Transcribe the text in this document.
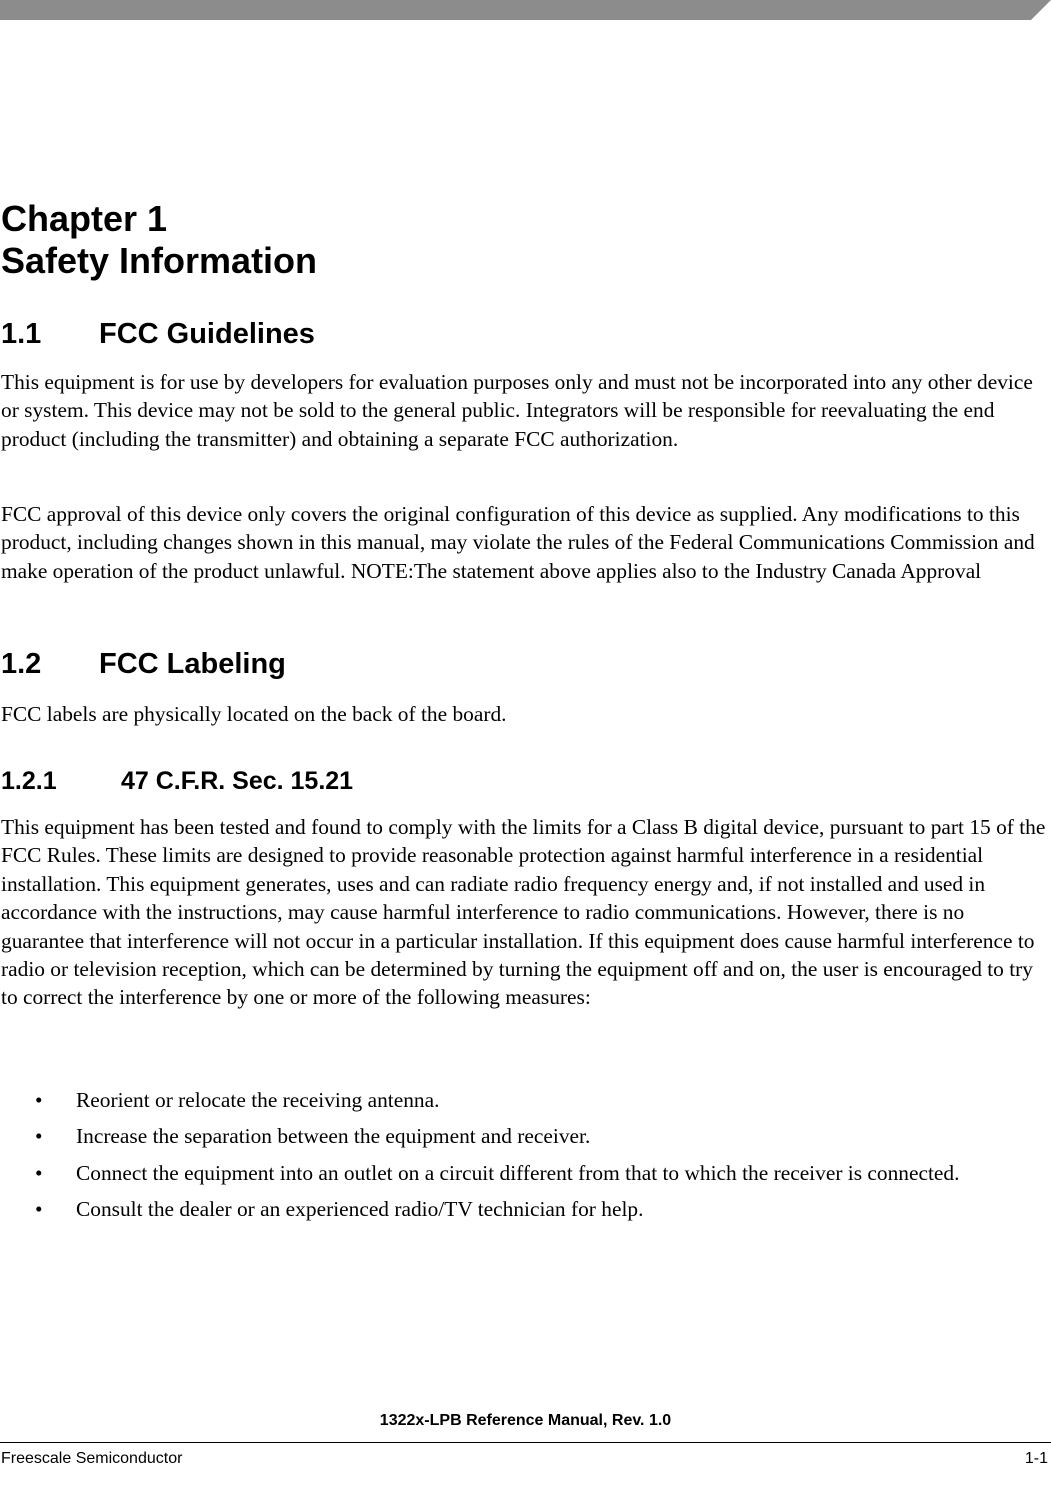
Chapter 1
Safety Information
1.1 FCC Guidelines

This equipment is for use by developers for evaluation purposes only and must not be incorporated into any other device or system. This device may not be sold to the general public. Integrators will be responsible for reevaluating the end product (including the transmitter) and obtaining a separate FCC authorization.

FCC approval of this device only covers the original configuration of this device as supplied. Any modifications to this product, including changes shown in this manual, may violate the rules of the Federal Communications Commission and make operation of the product unlawful. NOTE:The statement above applies also to the Industry Canada Approval

1.2 FCC Labeling

FCC labels are physically located on the back of the board.

1.2.1	47 C.F.R. Sec. 15.21

This equipment has been tested and found to comply with the limits for a Class B digital device, pursuant to part 15 of the FCC Rules. These limits are designed to provide reasonable protection against harmful interference in a residential installation. This equipment generates, uses and can radiate radio frequency energy and, if not installed and used in accordance with the instructions, may cause harmful interference to radio communications. However, there is no guarantee that interference will not occur in a particular installation. If this equipment does cause harmful interference to radio or television reception, which can be determined by turning the equipment off and on, the user is encouraged to try to correct the interference by one or more of the following measures:

• Reorient or relocate the receiving antenna.
• Increase the separation between the equipment and receiver.
• Connect the equipment into an outlet on a circuit different from that to which the receiver is connected.
• Consult the dealer or an experienced radio/TV technician for help.
1322x-LPB Reference Manual, Rev. 1.0
Freescale Semiconductor	1-1
